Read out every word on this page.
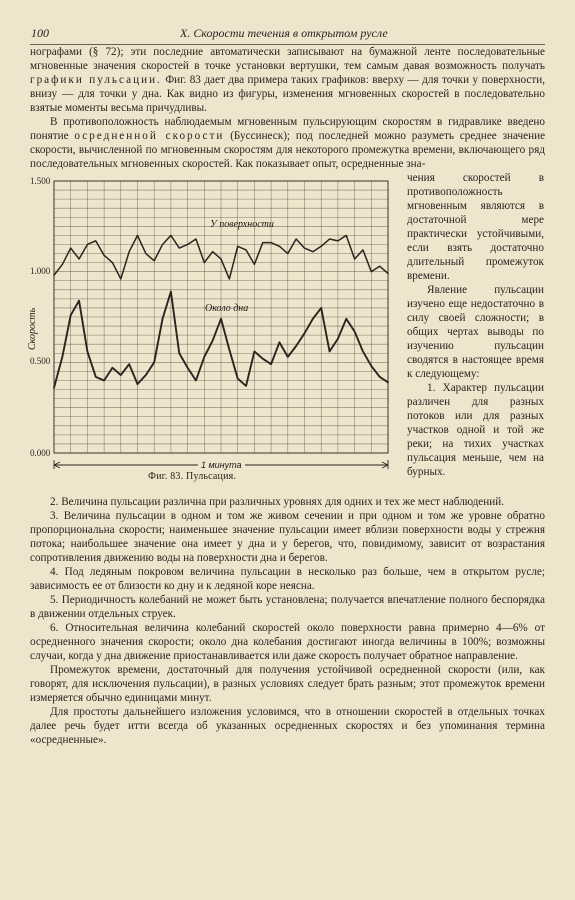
100	X. Скорости течения в открытом русле

нографами (§ 72); эти последние автоматически записывают на бумажной ленте последовательные мгновенные значения скоростей в точке установки вертушки, тем самым давая возможность получать графики пульсации. Фиг. 83 дает два примера таких графиков: вверху — для точки у поверхности, внизу — для точки у дна. Как видно из фигуры, изменения мгновенных скоростей в последовательно взятые моменты весьма причудливы.

В противоположность наблюдаемым мгновенным пульсирующим скоростям в гидравлике введено понятие осредненной скорости (Буссинеск); под последней можно разуметь среднее значение скорости, вычисленной по мгновенным скоростям для некоторого промежутка времени, включающего ряд последовательных мгновенных скоростей. Как показывает опыт, осредненные зна-

1.500
1.000
0.500
0.000
Скорость
У поверхности
Около дна
1 минута
Фиг. 83. Пульсация.

чения скоростей в противоположность мгновенным являются в достаточной мере практически устойчивыми, если взять достаточно длительный промежуток времени.

Явление пульсации изучено еще недостаточно в силу своей сложности; в общих чертах выводы по изучению пульсации сводятся в настоящее время к следующему:

1. Характер пульсации различен для разных потоков или для разных участков одной и той же реки; на тихих участках пульсация меньше, чем на бурных.

2. Величина пульсации различна при различных уровнях для одних и тех же мест наблюдений.

3. Величина пульсации в одном и том же живом сечении и при одном и том же уровне обратно пропорциональна скорости; наименьшее значение пульсации имеет вблизи поверхности воды у стрежня потока; наибольшее значение она имеет у дна и у берегов, что, повидимому, зависит от возрастания сопротивления движению воды на поверхности дна и берегов.

4. Под ледяным покровом величина пульсации в несколько раз больше, чем в открытом русле; зависимость ее от близости ко дну и к ледяной коре неясна.

5. Периодичность колебаний не может быть установлена; получается впечатление полного беспорядка в движении отдельных струек.

6. Относительная величина колебаний скоростей около поверхности равна примерно 4—6% от осредненного значения скорости; около дна колебания достигают иногда величины в 100%; возможны случаи, когда у дна движение приостанавливается или даже скорость получает обратное направление.

Промежуток времени, достаточный для получения устойчивой осредненной скорости (или, как говорят, для исключения пульсации), в разных условиях следует брать разным; этот промежуток времени измеряется обычно единицами минут.

Для простоты дальнейшего изложения условимся, что в отношении скоростей в отдельных точках далее речь будет итти всегда об указанных осредненных скоростях и без упоминания термина «осредненные».
